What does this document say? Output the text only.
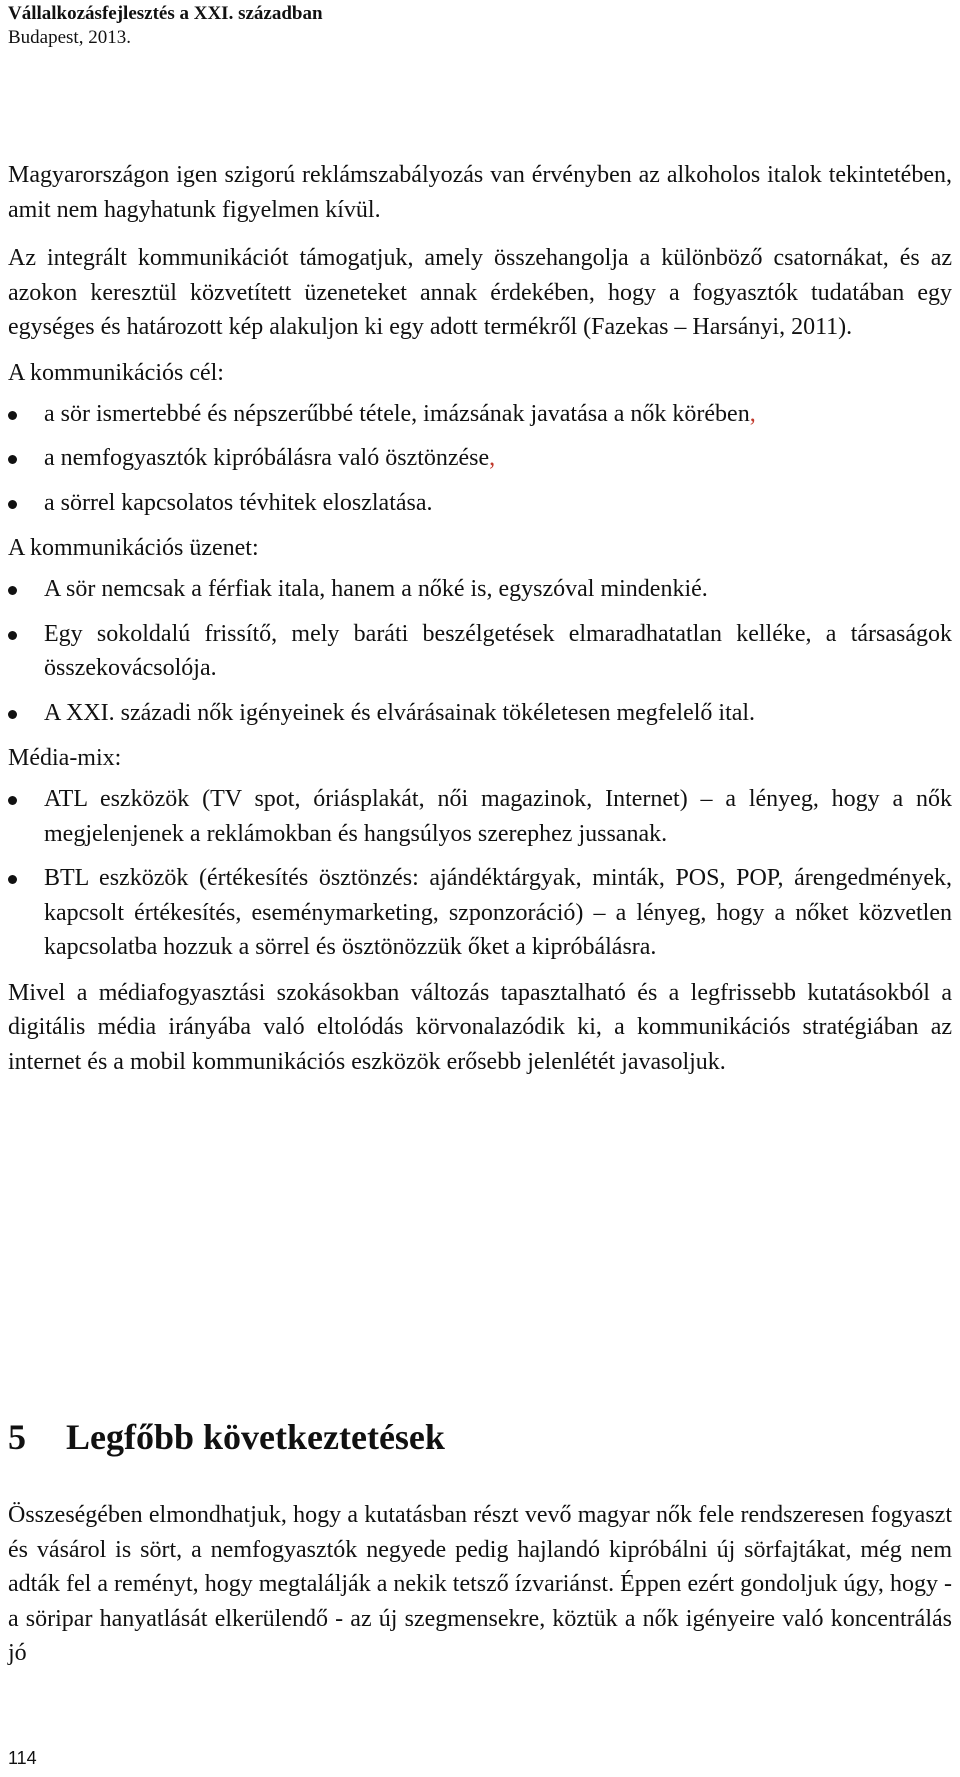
Vállalkozásfejlesztés a XXI. században
Budapest, 2013.

Magyarországon igen szigorú reklámszabályozás van érvényben az alkoholos italok tekintetében, amit nem hagyhatunk figyelmen kívül.

Az integrált kommunikációt támogatjuk, amely összehangolja a különböző csatornákat, és az azokon keresztül közvetített üzeneteket annak érdekében, hogy a fogyasztók tudatában egy egységes és határozott kép alakuljon ki egy adott termékről (Fazekas – Harsányi, 2011).

A kommunikációs cél:

a sör ismertebbé és népszerűbbé tétele, imázsának javatása a nők körében,
a nemfogyasztók kipróbálásra való ösztönzése,
a sörrel kapcsolatos tévhitek eloszlatása.

A kommunikációs üzenet:

A sör nemcsak a férfiak itala, hanem a nőké is, egyszóval mindenkié.
Egy sokoldalú frissítő, mely baráti beszélgetések elmaradhatatlan kelléke, a társaságok összekovácsolója.
A XXI. századi nők igényeinek és elvárásainak tökéletesen megfelelő ital.

Média-mix:

ATL eszközök (TV spot, óriásplakát, női magazinok, Internet) – a lényeg, hogy a nők megjelenjenek a reklámokban és hangsúlyos szerephez jussanak.
BTL eszközök (értékesítés ösztönzés: ajándéktárgyak, minták, POS, POP, árengedmények, kapcsolt értékesítés, eseménymarketing, szponzoráció) – a lényeg, hogy a nőket közvetlen kapcsolatba hozzuk a sörrel és ösztönözzük őket a kipróbálásra.

Mivel a médiafogyasztási szokásokban változás tapasztalható és a legfrissebb kutatásokból a digitális média irányába való eltolódás körvonalazódik ki, a kommunikációs stratégiában az internet és a mobil kommunikációs eszközök erősebb jelenlétét javasoljuk.

5 Legfőbb következtetések

Összeségében elmondhatjuk, hogy a kutatásban részt vevő magyar nők fele rendszeresen fogyaszt és vásárol is sört, a nemfogyasztók negyede pedig hajlandó kipróbálni új sörfajtákat, még nem adták fel a reményt, hogy megtalálják a nekik tetsző ízvariánst. Éppen ezért gondoljuk úgy, hogy - a söripar hanyatlását elkerülendő - az új szegmensekre, köztük a nők igényeire való koncentrálás jó

114
